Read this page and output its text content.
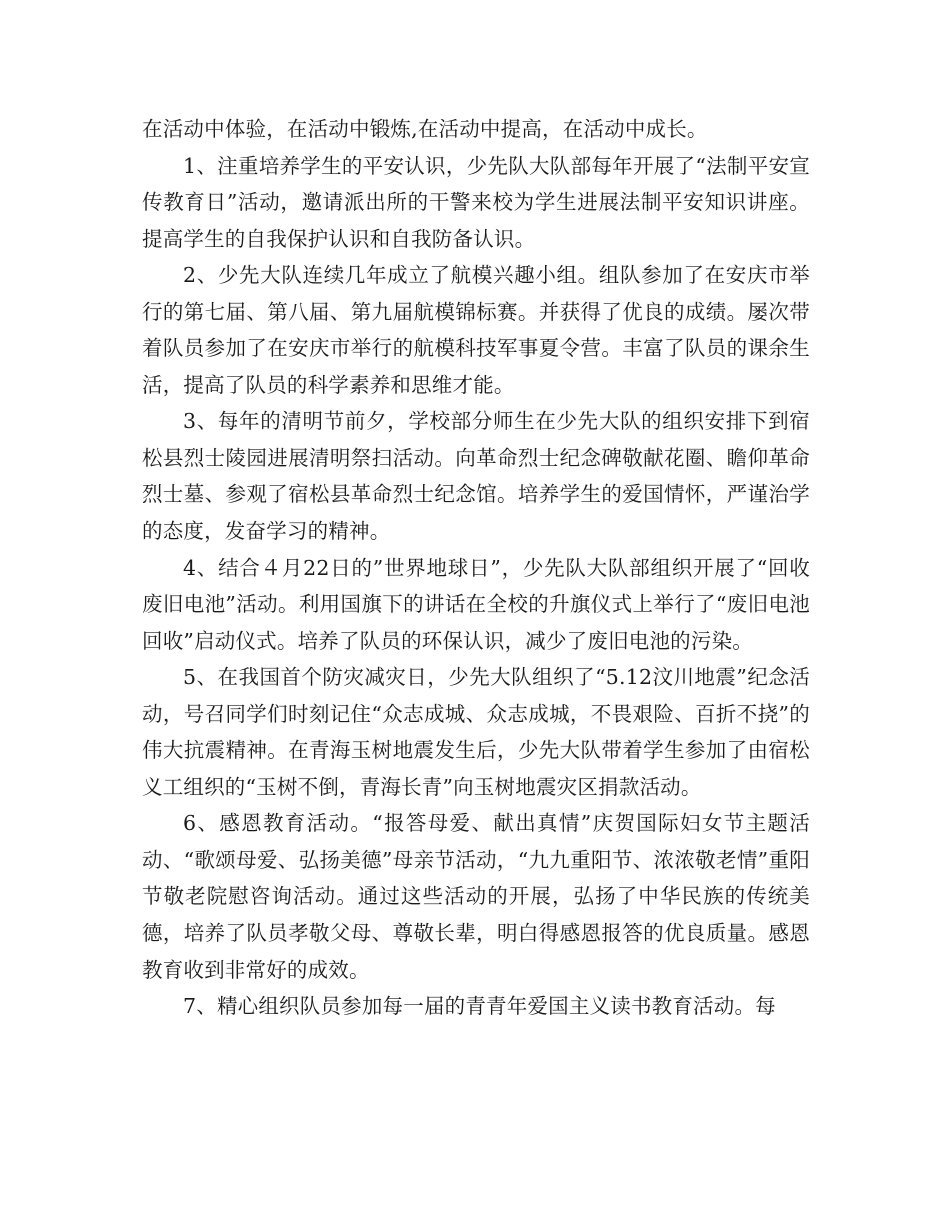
在活动中体验，在活动中锻炼,在活动中提高，在活动中成长。

1、注重培养学生的平安认识，少先队大队部每年开展了“法制平安宣传教育日”活动，邀请派出所的干警来校为学生进展法制平安知识讲座。提高学生的自我保护认识和自我防备认识。

2、少先大队连续几年成立了航模兴趣小组。组队参加了在安庆市举行的第七届、第八届、第九届航模锦标赛。并获得了优良的成绩。屡次带着队员参加了在安庆市举行的航模科技军事夏令营。丰富了队员的课余生活，提高了队员的科学素养和思维才能。

3、每年的清明节前夕，学校部分师生在少先大队的组织安排下到宿松县烈士陵园进展清明祭扫活动。向革命烈士纪念碑敬献花圈、瞻仰革命烈士墓、参观了宿松县革命烈士纪念馆。培养学生的爱国情怀，严谨治学的态度，发奋学习的精神。

4、结合４月22日的”世界地球日”，少先队大队部组织开展了“回收废旧电池”活动。利用国旗下的讲话在全校的升旗仪式上举行了“废旧电池回收”启动仪式。培养了队员的环保认识，减少了废旧电池的污染。

5、在我国首个防灾减灾日，少先大队组织了“5.12汶川地震”纪念活动，号召同学们时刻记住“众志成城、众志成城，不畏艰险、百折不挠”的伟大抗震精神。在青海玉树地震发生后，少先大队带着学生参加了由宿松义工组织的“玉树不倒，青海长青”向玉树地震灾区捐款活动。

6、感恩教育活动。“报答母爱、献出真情”庆贺国际妇女节主题活动、“歌颂母爱、弘扬美德”母亲节活动，“九九重阳节、浓浓敬老情”重阳节敬老院慰咨询活动。通过这些活动的开展，弘扬了中华民族的传统美德，培养了队员孝敬父母、尊敬长辈，明白得感恩报答的优良质量。感恩教育收到非常好的成效。

7、精心组织队员参加每一届的青青年爱国主义读书教育活动。每
